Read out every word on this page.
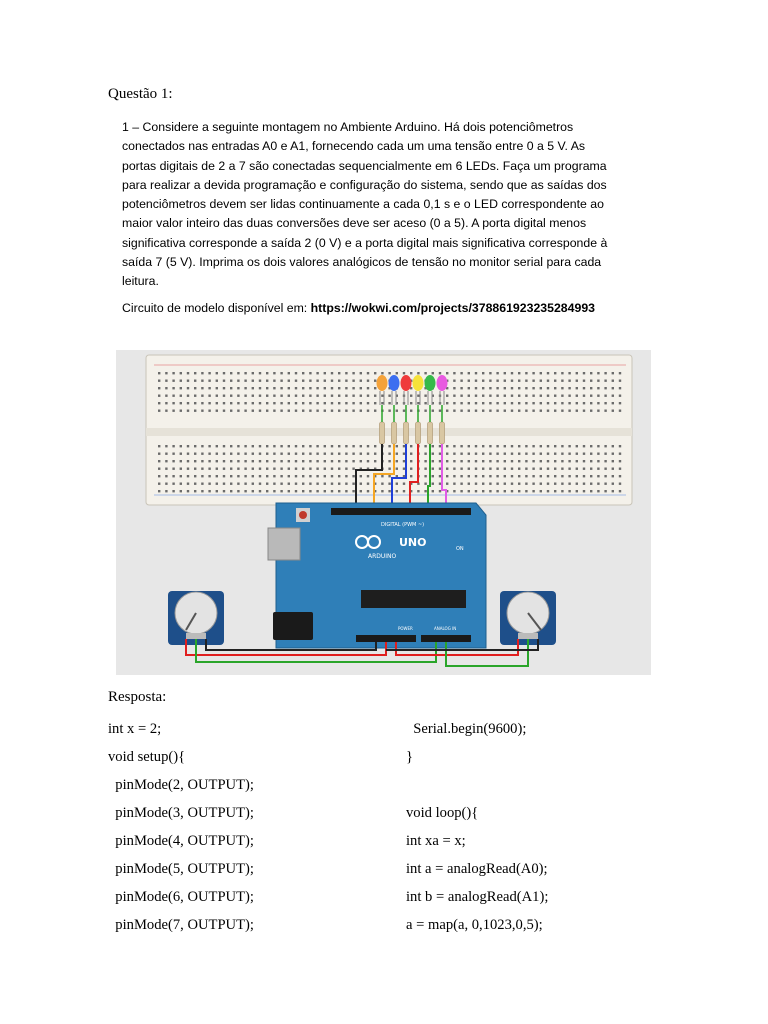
Questão 1:
1 – Considere a seguinte montagem no Ambiente Arduino. Há dois potenciômetros
conectados nas entradas A0 e A1, fornecendo cada um uma tensão entre 0 a 5 V. As
portas digitais de 2 a 7 são conectadas sequencialmente em 6 LEDs. Faça um programa
para realizar a devida programação e configuração do sistema, sendo que as saídas dos
potenciômetros devem ser lidas continuamente a cada 0,1 s e o LED correspondente ao
maior valor inteiro das duas conversões deve ser aceso (0 a 5). A porta digital menos
significativa corresponde a saída 2 (0 V) e a porta digital mais significativa corresponde à
saída 7 (5 V). Imprima os dois valores analógicos de tensão no monitor serial para cada
leitura.
Circuito de modelo disponível em: https://wokwi.com/projects/378861923235284993
DIGITAL (PWM ~)
UNO
ARDUINO
ON
POWER	ANALOG IN
Resposta:
int x = 2;
void setup(){
pinMode(2, OUTPUT);
pinMode(3, OUTPUT);
pinMode(4, OUTPUT);
pinMode(5, OUTPUT);
pinMode(6, OUTPUT);
pinMode(7, OUTPUT);
Serial.begin(9600);
}
void loop(){
int xa = x;
int a = analogRead(A0);
int b = analogRead(A1);
a = map(a, 0,1023,0,5);
